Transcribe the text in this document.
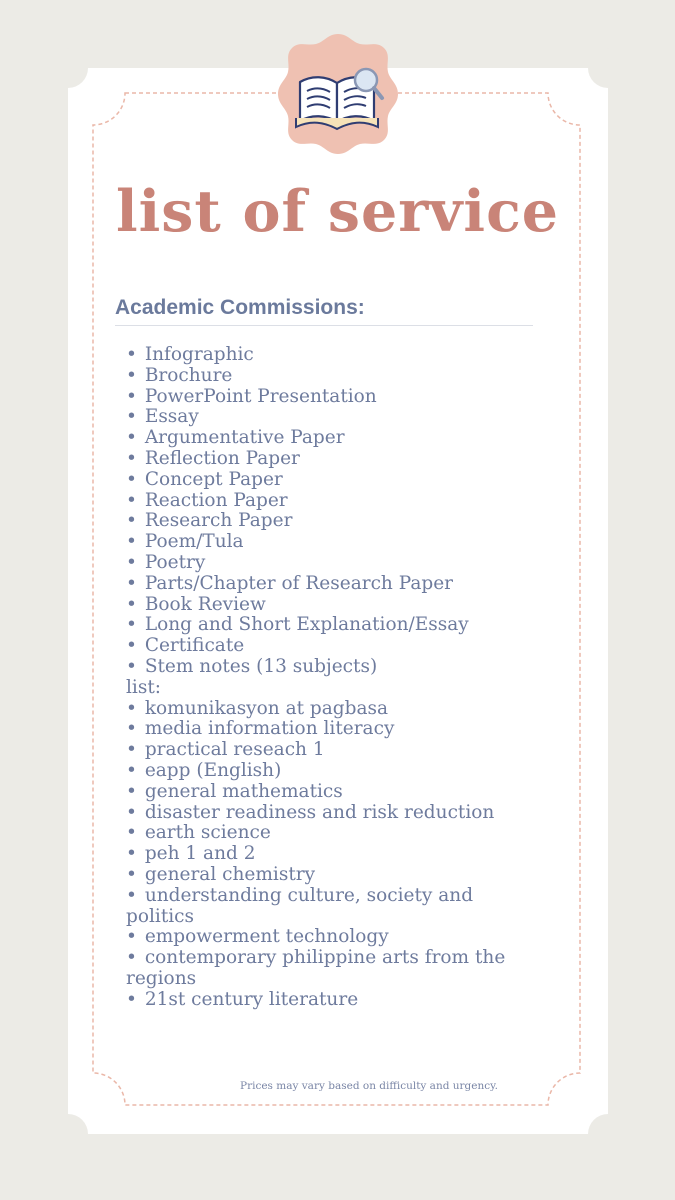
list of service
Academic Commissions:
• Infographic
• Brochure
• PowerPoint Presentation
• Essay
• Argumentative Paper
• Reflection Paper
• Concept Paper
• Reaction Paper
• Research Paper
• Poem/Tula
• Poetry
• Parts/Chapter of Research Paper
• Book Review
• Long and Short Explanation/Essay
• Certificate
• Stem notes (13 subjects)
list:
• komunikasyon at pagbasa
• media information literacy
• practical reseach 1
• eapp (English)
• general mathematics
• disaster readiness and risk reduction
• earth science
• peh 1 and 2
• general chemistry
• understanding culture, society and politics
• empowerment technology
• contemporary philippine arts from the regions
• 21st century literature
Prices may vary based on difficulty and urgency.
